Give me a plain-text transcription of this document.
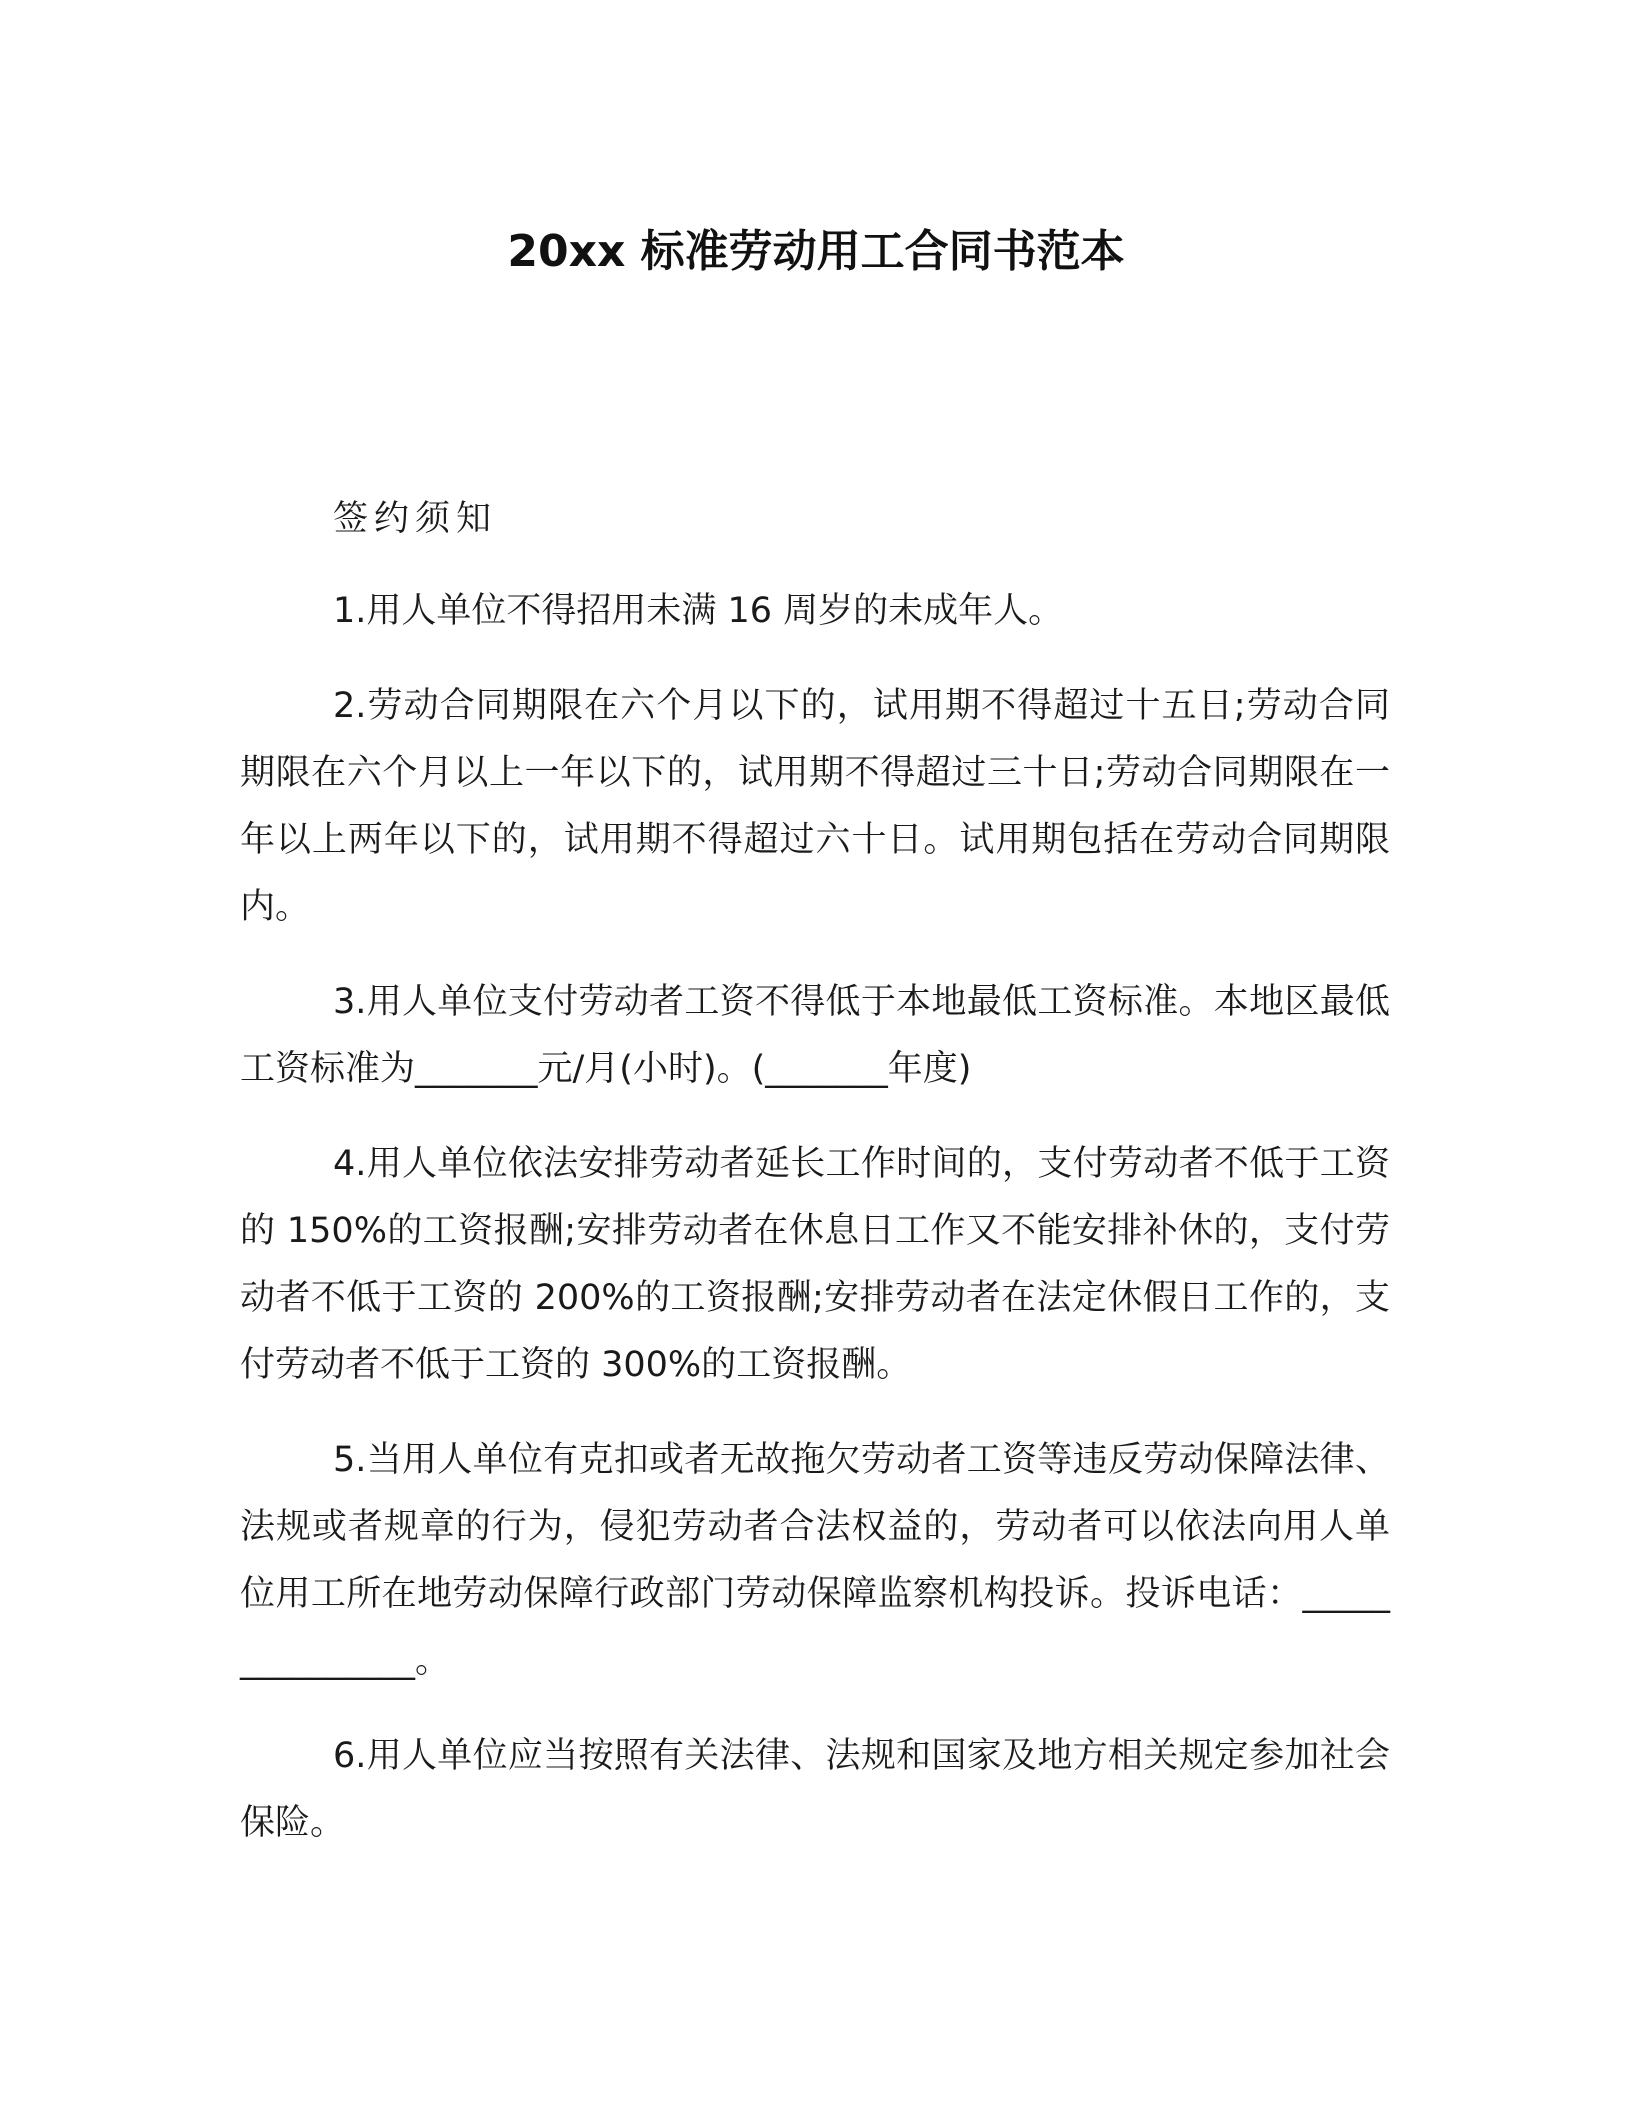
20xx 标准劳动用工合同书范本

签约须知

1.用人单位不得招用未满 16 周岁的未成年人。

2.劳动合同期限在六个月以下的，试用期不得超过十五日;劳动合同期限在六个月以上一年以下的，试用期不得超过三十日;劳动合同期限在一年以上两年以下的，试用期不得超过六十日。试用期包括在劳动合同期限内。

3.用人单位支付劳动者工资不得低于本地最低工资标准。本地区最低工资标准为_______元/月(小时)。(_______年度)

4.用人单位依法安排劳动者延长工作时间的，支付劳动者不低于工资的 150%的工资报酬;安排劳动者在休息日工作又不能安排补休的，支付劳动者不低于工资的 200%的工资报酬;安排劳动者在法定休假日工作的，支付劳动者不低于工资的 300%的工资报酬。

5.当用人单位有克扣或者无故拖欠劳动者工资等违反劳动保障法律、法规或者规章的行为，侵犯劳动者合法权益的，劳动者可以依法向用人单位用工所在地劳动保障行政部门劳动保障监察机构投诉。投诉电话：_______________。

6.用人单位应当按照有关法律、法规和国家及地方相关规定参加社会保险。
